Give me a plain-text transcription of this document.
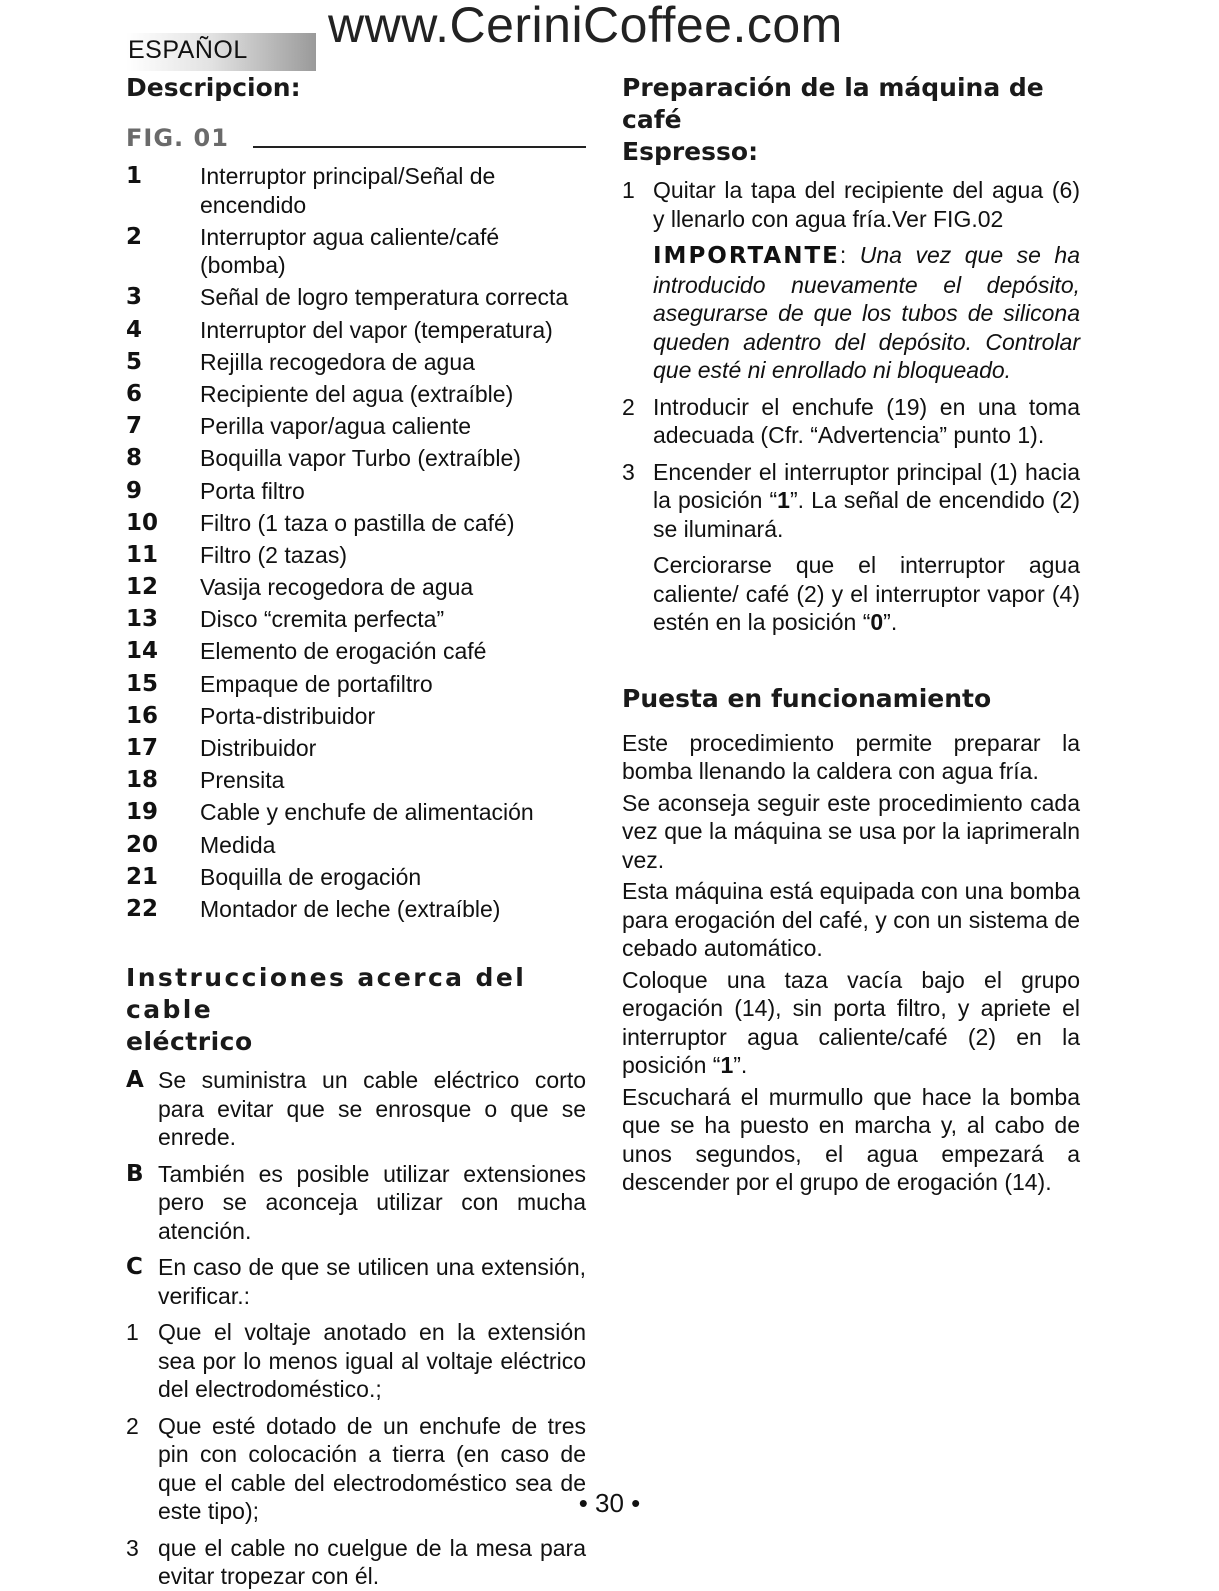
ESPAÑOL www.CeriniCoffee.com
Descripcion:
FIG. 01
1	Interruptor principal/Señal de encendido
2	Interruptor agua caliente/café (bomba)
3	Señal de logro temperatura correcta
4	Interruptor del vapor (temperatura)
5	Rejilla recogedora de agua
6	Recipiente del agua (extraíble)
7	Perilla vapor/agua caliente
8	Boquilla vapor Turbo (extraíble)
9	Porta filtro
10	Filtro (1 taza o pastilla de café)
11	Filtro (2 tazas)
12	Vasija recogedora de agua
13	Disco “cremita perfecta”
14	Elemento de erogación café
15	Empaque de portafiltro
16	Porta-distribuidor
17	Distribuidor
18	Prensita
19	Cable y enchufe de alimentación
20	Medida
21	Boquilla de erogación
22	Montador de leche (extraíble)
Instrucciones acerca del cable
eléctrico
A Se suministra un cable eléctrico corto para evitar que se enrosque o que se enrede.
B También es posible utilizar extensiones pero se aconceja utilizar con mucha atención.
C En caso de que se utilicen una extensión, verificar.:
1 Que el voltaje anotado en la extensión sea por lo menos igual al voltaje eléctrico del electrodoméstico.;
2 Que esté dotado de un enchufe de tres pin con colocación a tierra (en caso de que el cable del electrodoméstico sea de este tipo);
3 que el cable no cuelgue de la mesa para evitar tropezar con él.
Preparación de la máquina de café
Espresso:
1 Quitar la tapa del recipiente del agua (6) y llenarlo con agua fría.Ver FIG.02
IMPORTANTE: Una vez que se ha introducido nuevamente el depósito, asegurarse de que los tubos de silicona queden adentro del depósito. Controlar que esté ni enrollado ni bloqueado.
2 Introducir el enchufe (19) en una toma adecuada (Cfr. “Advertencia” punto 1).
3 Encender el interruptor principal (1) hacia la posición “1”. La señal de encendido (2) se iluminará.
Cerciorarse que el interruptor agua caliente/ café (2) y el interruptor vapor (4) estén en la posición “0”.
Puesta en funcionamiento
Este procedimiento permite preparar la bomba llenando la caldera con agua fría.
Se aconseja seguir este procedimiento cada vez que la máquina se usa por la iaprimeraln vez.
Esta máquina está equipada con una bomba para erogación del café, y con un sistema de cebado automático.
Coloque una taza vacía bajo el grupo erogación (14), sin porta filtro, y apriete el interruptor agua caliente/café (2) en la posición “1”.
Escuchará el murmullo que hace la bomba que se ha puesto en marcha y, al cabo de unos segundos, el agua empezará a descender por el grupo de erogación (14).
• 30 •
